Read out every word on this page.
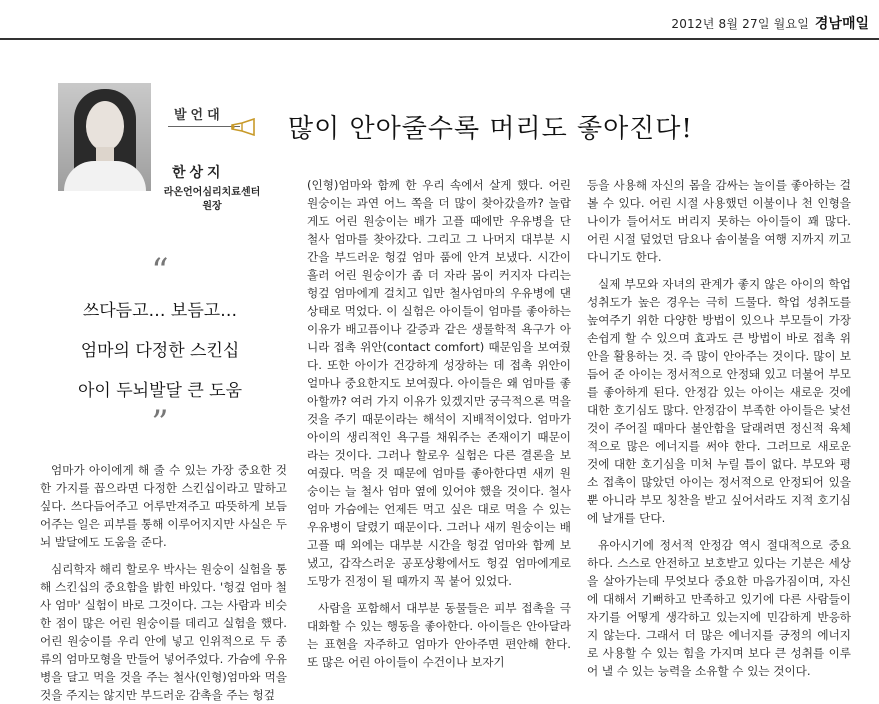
2012년 8월 27일 월요일 경남매일
발언대
한상지
라온언어심리치료센터
원장
많이 안아줄수록 머리도 좋아진다!
“
쓰다듬고… 보듬고…
엄마의 다정한 스킨십
아이 두뇌발달 큰 도움
”

엄마가 아이에게 해 줄 수 있는 가장 중요한 것 한 가지를 꼽으라면 다정한 스킨십이라고 말하고 싶다. 쓰다듬어주고 어루만져주고 따뜻하게 보듬어주는 일은 피부를 통해 이루어지지만 사실은 두뇌 발달에도 도움을 준다.

심리학자 해리 할로우 박사는 원숭이 실험을 통해 스킨십의 중요함을 밝힌 바있다. '헝겊 엄마 철사 엄마' 실험이 바로 그것이다. 그는 사람과 비슷한 점이 많은 어린 원숭이를 데리고 실험을 했다. 어린 원숭이를 우리 안에 넣고 인위적으로 두 종류의 엄마모형을 만들어 넣어주었다. 가슴에 우유병을 달고 먹을 것을 주는 철사(인형)엄마와 먹을 것을 주지는 않지만 부드러운 감촉을 주는 헝겊

(인형)엄마와 함께 한 우리 속에서 살게 했다. 어린 원숭이는 과연 어느 쪽을 더 많이 찾아갔을까? 놀랍게도 어린 원숭이는 배가 고플 때에만 우유병을 단 철사 엄마를 찾아갔다. 그리고 그 나머지 대부분 시간을 부드러운 헝겊 엄마 품에 안겨 보냈다. 시간이 흘러 어린 원숭이가 좀 더 자라 몸이 커지자 다리는 헝겊 엄마에게 걸치고 입만 철사엄마의 우유병에 댄 상태로 먹었다. 이 실험은 아이들이 엄마를 좋아하는 이유가 배고픔이나 갈증과 같은 생물학적 욕구가 아니라 접촉 위안(contact comfort) 때문임을 보여줬다. 또한 아이가 건강하게 성장하는 데 접촉 위안이 얼마나 중요한지도 보여줬다. 아이들은 왜 엄마를 좋아할까? 여러 가지 이유가 있겠지만 궁극적으론 먹을 것을 주기 때문이라는 해석이 지배적이었다. 엄마가 아이의 생리적인 욕구를 채워주는 존재이기 때문이라는 것이다. 그러나 할로우 실험은 다른 결론을 보여줬다. 먹을 것 때문에 엄마를 좋아한다면 새끼 원숭이는 늘 철사 엄마 옆에 있어야 했을 것이다. 철사 엄마 가슴에는 언제든 먹고 싶은 대로 먹을 수 있는 우유병이 달렸기 때문이다. 그러나 새끼 원숭이는 배고플 때 외에는 대부분 시간을 헝겊 엄마와 함께 보냈고, 갑작스러운 공포상황에서도 헝겊 엄마에게로 도망가 진정이 될 때까지 꼭 붙어 있었다.

사람을 포함해서 대부분 동물들은 피부 접촉을 극대화할 수 있는 행동을 좋아한다. 아이들은 안아달라는 표현을 자주하고 엄마가 안아주면 편안해 한다. 또 많은 어린 아이들이 수건이나 보자기

등을 사용해 자신의 몸을 감싸는 놀이를 좋아하는 걸 볼 수 있다. 어린 시절 사용했던 이불이나 천 인형을 나이가 들어서도 버리지 못하는 아이들이 꽤 많다. 어린 시절 덮었던 담요나 솜이불을 여행 지까지 끼고 다니기도 한다.

실제 부모와 자녀의 관계가 좋지 않은 아이의 학업 성취도가 높은 경우는 극히 드물다. 학업 성취도를 높여주기 위한 다양한 방법이 있으나 부모들이 가장 손쉽게 할 수 있으며 효과도 큰 방법이 바로 접촉 위안을 활용하는 것. 즉 많이 안아주는 것이다. 많이 보듬어 준 아이는 정서적으로 안정돼 있고 더불어 부모를 좋아하게 된다. 안정감 있는 아이는 새로운 것에 대한 호기심도 많다. 안정감이 부족한 아이들은 낯선 것이 주어질 때마다 불안함을 달래려면 정신적 육체적으로 많은 에너지를 써야 한다. 그러므로 새로운 것에 대한 호기심을 미처 누릴 틈이 없다. 부모와 평소 접촉이 많았던 아이는 정서적으로 안정되어 있을 뿐 아니라 부모 칭찬을 받고 싶어서라도 지적 호기심에 날개를 단다.

유아시기에 정서적 안정감 역시 절대적으로 중요하다. 스스로 안전하고 보호받고 있다는 기분은 세상을 살아가는데 무엇보다 중요한 마음가짐이며, 자신에 대해서 기뻐하고 만족하고 있기에 다른 사람들이 자기를 어떻게 생각하고 있는지에 민감하게 반응하지 않는다. 그래서 더 많은 에너지를 긍정의 에너지로 사용할 수 있는 힘을 가지며 보다 큰 성취를 이루어 낼 수 있는 능력을 소유할 수 있는 것이다.
